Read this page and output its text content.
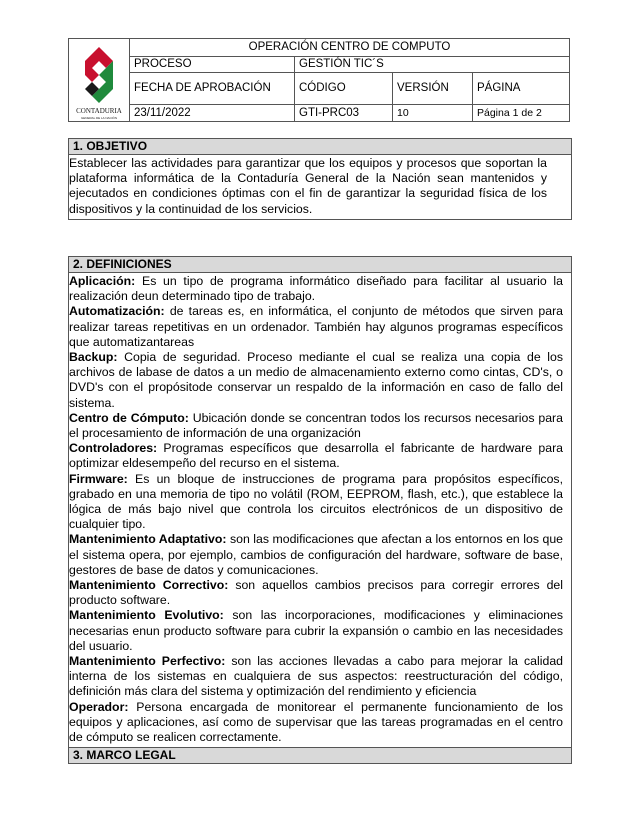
CONTADURIA
GENERAL DE LA NACIÓN	OPERACIÓN CENTRO DE COMPUTO			
	PROCESO	GESTIÓN TIC´S		
	FECHA DE APROBACIÓN	CÓDIGO	VERSIÓN	PÁGINA
	23/11/2022	GTI-PRC03	10	Página 1 de 2
1. OBJETIVO
Establecer las actividades para garantizar que los equipos y procesos que soportan la plataforma informática de la Contaduría General de la Nación sean mantenidos y ejecutados en condiciones óptimas con el fin de garantizar la seguridad física de los dispositivos y la continuidad de los servicios.
2. DEFINICIONES

Aplicación: Es un tipo de programa informático diseñado para facilitar al usuario la realización deun determinado tipo de trabajo.

Automatización: de tareas es, en informática, el conjunto de métodos que sirven para realizar tareas repetitivas en un ordenador. También hay algunos programas específicos que automatizantareas

Backup: Copia de seguridad. Proceso mediante el cual se realiza una copia de los archivos de labase de datos a un medio de almacenamiento externo como cintas, CD's, o DVD's con el propósitode conservar un respaldo de la información en caso de fallo del sistema.

Centro de Cómputo: Ubicación donde se concentran todos los recursos necesarios para el procesamiento de información de una organización

Controladores: Programas específicos que desarrolla el fabricante de hardware para optimizar eldesempeño del recurso en el sistema.

Firmware: Es un bloque de instrucciones de programa para propósitos específicos, grabado en una memoria de tipo no volátil (ROM, EEPROM, flash, etc.), que establece la lógica de más bajo nivel que controla los circuitos electrónicos de un dispositivo de cualquier tipo.

Mantenimiento Adaptativo: son las modificaciones que afectan a los entornos en los que el sistema opera, por ejemplo, cambios de configuración del hardware, software de base, gestores de base de datos y comunicaciones.

Mantenimiento Correctivo: son aquellos cambios precisos para corregir errores del producto software.

Mantenimiento Evolutivo: son las incorporaciones, modificaciones y eliminaciones necesarias enun producto software para cubrir la expansión o cambio en las necesidades del usuario.

Mantenimiento Perfectivo: son las acciones llevadas a cabo para mejorar la calidad interna de los sistemas en cualquiera de sus aspectos: reestructuración del código, definición más clara del sistema y optimización del rendimiento y eficiencia

Operador: Persona encargada de monitorear el permanente funcionamiento de los equipos y aplicaciones, así como de supervisar que las tareas programadas en el centro de cómputo se realicen correctamente.

3. MARCO LEGAL
